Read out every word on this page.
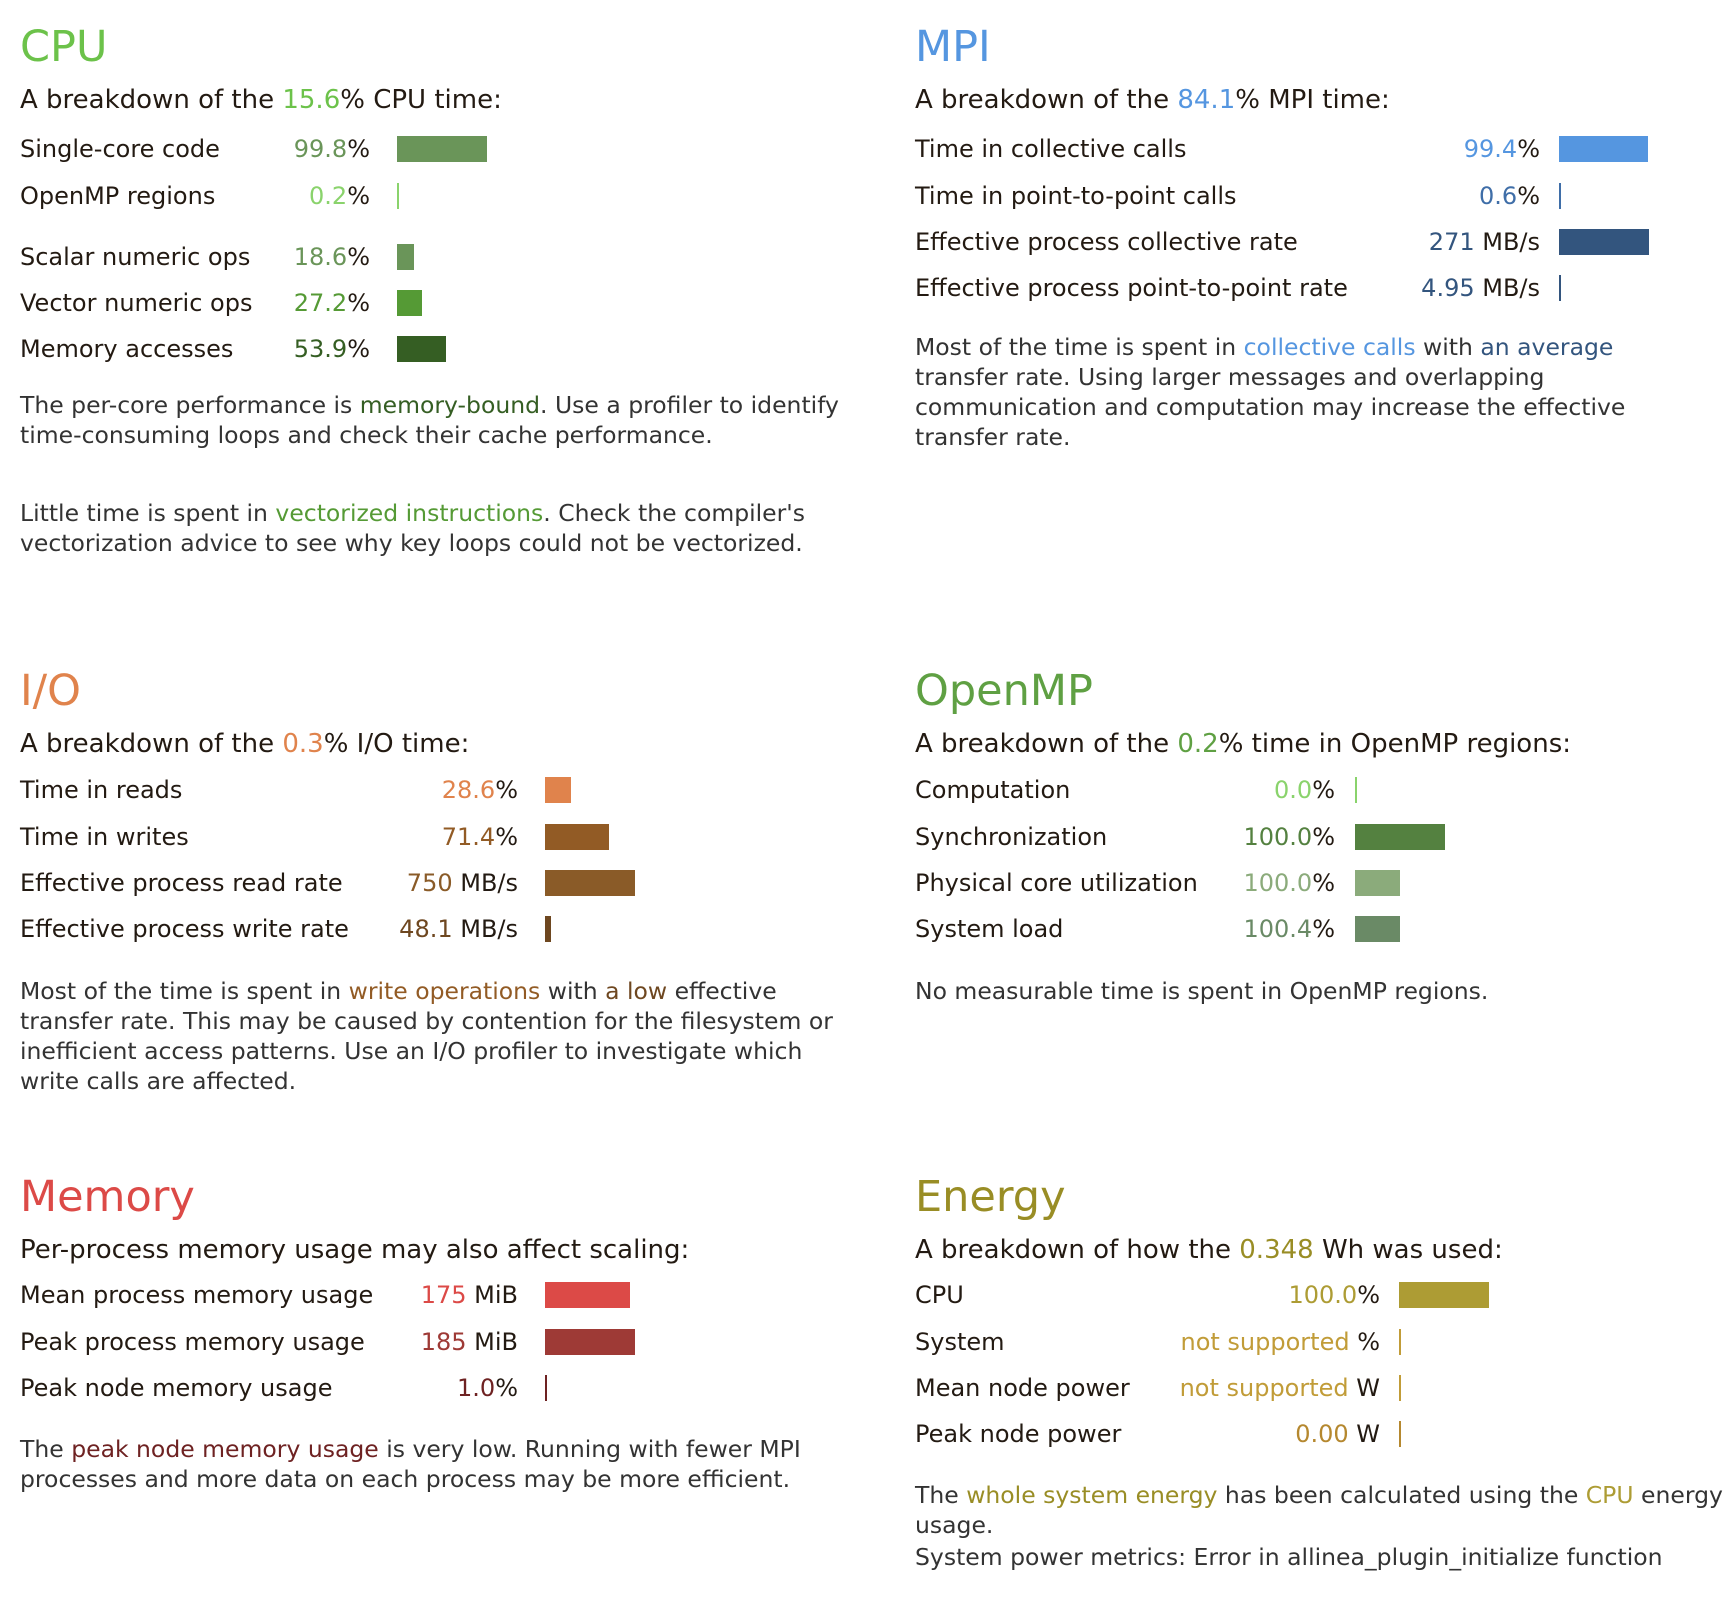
CPU
A breakdown of the 15.6% CPU time:
Single-core code	99.8%
OpenMP regions	0.2%
Scalar numeric ops 18.6%
Vector numeric ops 27.2%
Memory accesses	53.9%

The per-core performance is memory-bound. Use a profiler to identify time-consuming loops and check their cache performance.

Little time is spent in vectorized instructions. Check the compiler's vectorization advice to see why key loops could not be vectorized.

MPI
A breakdown of the 84.1% MPI time:
Time in collective calls	99.4%
Time in point-to-point calls	0.6%
Effective process collective rate	271 MB/s
Effective process point-to-point rate	4.95 MB/s

Most of the time is spent in collective calls with an average transfer rate. Using larger messages and overlapping communication and computation may increase the effective transfer rate.

I/O
A breakdown of the 0.3% I/O time:
Time in reads	28.6%
Time in writes	71.4%
Effective process read rate	750 MB/s
Effective process write rate 48.1 MB/s

Most of the time is spent in write operations with a low effective transfer rate. This may be caused by contention for the filesystem or inefficient access patterns. Use an I/O profiler to investigate which write calls are affected.

OpenMP
A breakdown of the 0.2% time in OpenMP regions:
Computation	0.0%
Synchronization	100.0%
Physical core utilization 100.0%
System load	100.4%

No measurable time is spent in OpenMP regions.

Memory
Per-process memory usage may also affect scaling:
Mean process memory usage 175 MiB
Peak process memory usage 185 MiB
Peak node memory usage	1.0%

The peak node memory usage is very low. Running with fewer MPI processes and more data on each process may be more efficient.

Energy
A breakdown of how the 0.348 Wh was used:
CPU	100.0%
System	not supported %
Mean node power not supported W
Peak node power	0.00 W

The whole system energy has been calculated using the CPU energy usage.

System power metrics: Error in allinea_plugin_initialize function
